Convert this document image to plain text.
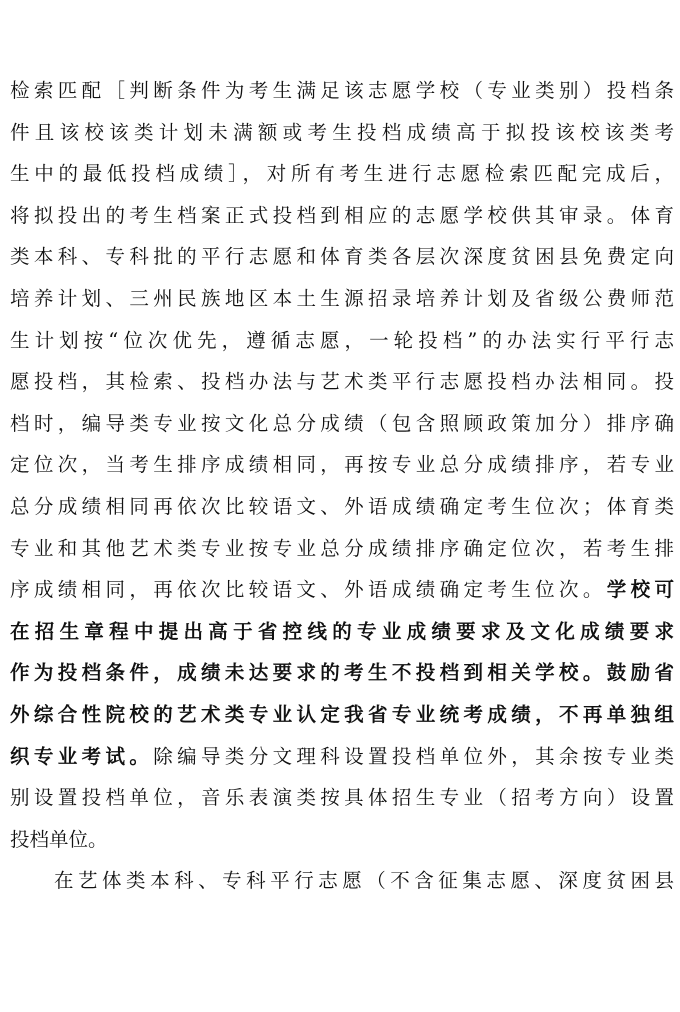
检索匹配［判断条件为考生满足该志愿学校（专业类别）投档条
件且该校该类计划未满额或考生投档成绩高于拟投该校该类考
生中的最低投档成绩］，对所有考生进行志愿检索匹配完成后，
将拟投出的考生档案正式投档到相应的志愿学校供其审录。体育
类本科、专科批的平行志愿和体育类各层次深度贫困县免费定向
培养计划、三州民族地区本土生源招录培养计划及省级公费师范
生计划按“位次优先，遵循志愿，一轮投档”的办法实行平行志
愿投档，其检索、投档办法与艺术类平行志愿投档办法相同。投
档时，编导类专业按文化总分成绩（包含照顾政策加分）排序确
定位次，当考生排序成绩相同，再按专业总分成绩排序，若专业
总分成绩相同再依次比较语文、外语成绩确定考生位次；体育类
专业和其他艺术类专业按专业总分成绩排序确定位次，若考生排
序成绩相同，再依次比较语文、外语成绩确定考生位次。学校可
在招生章程中提出高于省控线的专业成绩要求及文化成绩要求
作为投档条件，成绩未达要求的考生不投档到相关学校。鼓励省
外综合性院校的艺术类专业认定我省专业统考成绩，不再单独组
织专业考试。除编导类分文理科设置投档单位外，其余按专业类
别设置投档单位，音乐表演类按具体招生专业（招考方向）设置
投档单位。
在艺体类本科、专科平行志愿（不含征集志愿、深度贫困县
